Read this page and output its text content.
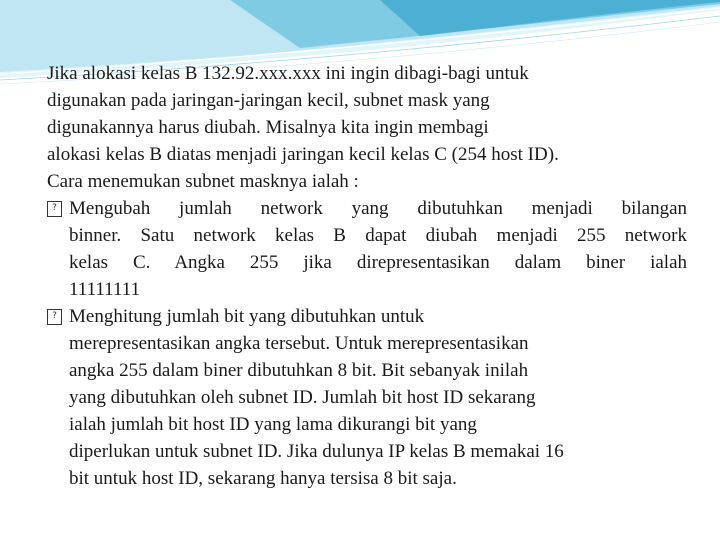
Jika alokasi kelas B 132.92.xxx.xxx ini ingin dibagi-bagi untuk
digunakan pada jaringan-jaringan kecil, subnet mask yang
digunakannya harus diubah. Misalnya kita ingin membagi
alokasi kelas B diatas menjadi jaringan kecil kelas C (254 host ID).
Cara menemukan subnet masknya ialah :

? Mengubah jumlah network yang dibutuhkan menjadi bilangan
binner. Satu network kelas B dapat diubah menjadi 255 network
kelas C. Angka 255 jika direpresentasikan dalam biner ialah
11111111
? Menghitung jumlah bit yang dibutuhkan untuk
merepresentasikan angka tersebut. Untuk merepresentasikan
angka 255 dalam biner dibutuhkan 8 bit. Bit sebanyak inilah
yang dibutuhkan oleh subnet ID. Jumlah bit host ID sekarang
ialah jumlah bit host ID yang lama dikurangi bit yang
diperlukan untuk subnet ID. Jika dulunya IP kelas B memakai 16
bit untuk host ID, sekarang hanya tersisa 8 bit saja.
